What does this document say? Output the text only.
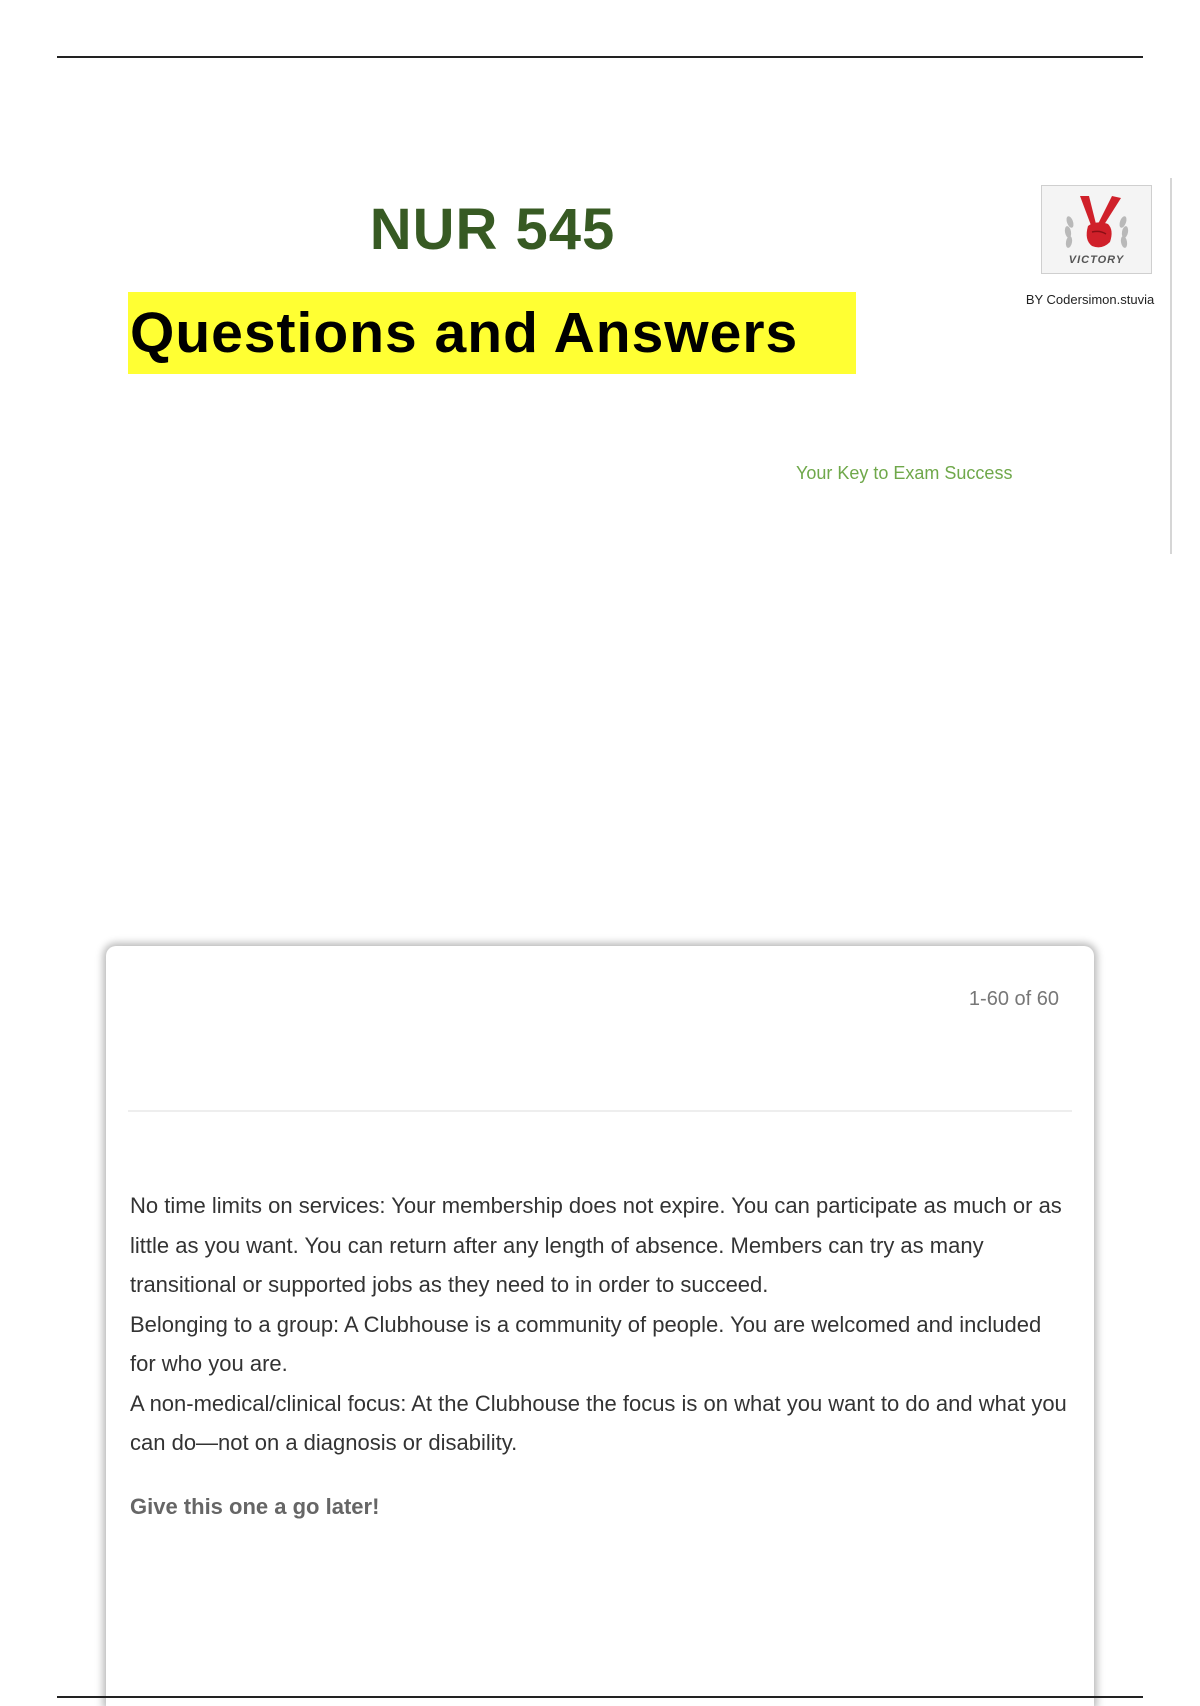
NUR 545
Questions and Answers
VICTORY
BY Codersimon.stuvia
Your Key to Exam Success
1-60 of 60

No time limits on services: Your membership does not expire. You can participate as much or as little as you want. You can return after any length of absence. Members can try as many transitional or supported jobs as they need to in order to succeed.

Belonging to a group: A Clubhouse is a community of people. You are welcomed and included for who you are.

A non-medical/clinical focus: At the Clubhouse the focus is on what you want to do and what you can do—not on a diagnosis or disability.

Give this one a go later!
